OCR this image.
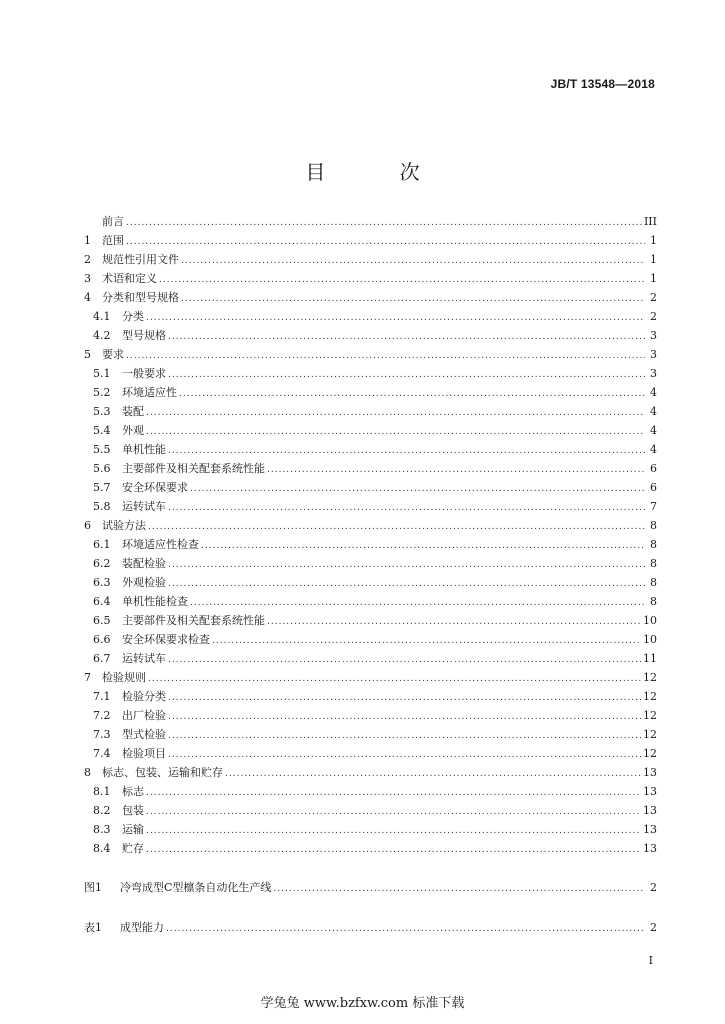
JB/T 13548—2018
目 次
前言 .....	III
1	范围 .....	1
2	规范性引用文件 .....	1
3	术语和定义 .....	1
4	分类和型号规格 .....	2
4.1	分类 .....	2
4.2	型号规格 .....	3
5	要求 .....	3
5.1	一般要求 .....	3
5.2	环境适应性 .....	4
5.3	装配 .....	4
5.4	外观 .....	4
5.5	单机性能 .....	4
5.6	主要部件及相关配套系统性能 .....	6
5.7	安全环保要求 .....	6
5.8	运转试车 .....	7
6	试验方法 .....	8
6.1	环境适应性检查 .....	8
6.2	装配检验 .....	8
6.3	外观检验 .....	8
6.4	单机性能检查 .....	8
6.5	主要部件及相关配套系统性能 .....	10
6.6	安全环保要求检查 .....	10
6.7	运转试车 .....	11
7	检验规则 .....	12
7.1	检验分类 .....	12
7.2	出厂检验 .....	12
7.3	型式检验 .....	12
7.4	检验项目 .....	12
8	标志、包装、运输和贮存 .....	13
8.1	标志 .....	13
8.2	包装 .....	13
8.3	运输 .....	13
8.4	贮存 .....	13
图1	冷弯成型C型檩条自动化生产线 .....	2
表1	成型能力 .....	2
I
学兔兔 www.bzfxw.com 标准下载
